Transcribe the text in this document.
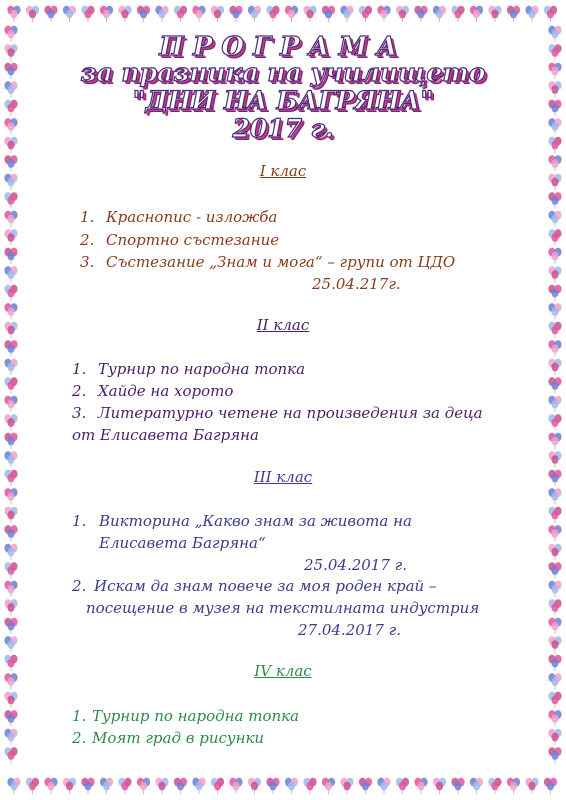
ПРОГРАМА
за празника на училището
"ДНИ НА БАГРЯНА"
2017 г.

I клас

1. Краснопис - изложба

2. Спортно състезание

3. Състезание „Знам и мога“ – групи от ЦДО

25.04.217г.

II клас

1. Турнир по народна топка

2. Хайде на хорото

3. Литературно четене на произведения за деца

от Елисавета Багряна

III клас

1. Викторина „Какво знам за живота на

Елисавета Багряна“

25.04.2017 г.

2. Искам да знам повече за моя роден край –

посещение в музея на текстилната индустрия

27.04.2017 г.

IV клас

1. Турнир по народна топка

2. Моят град в рисунки
